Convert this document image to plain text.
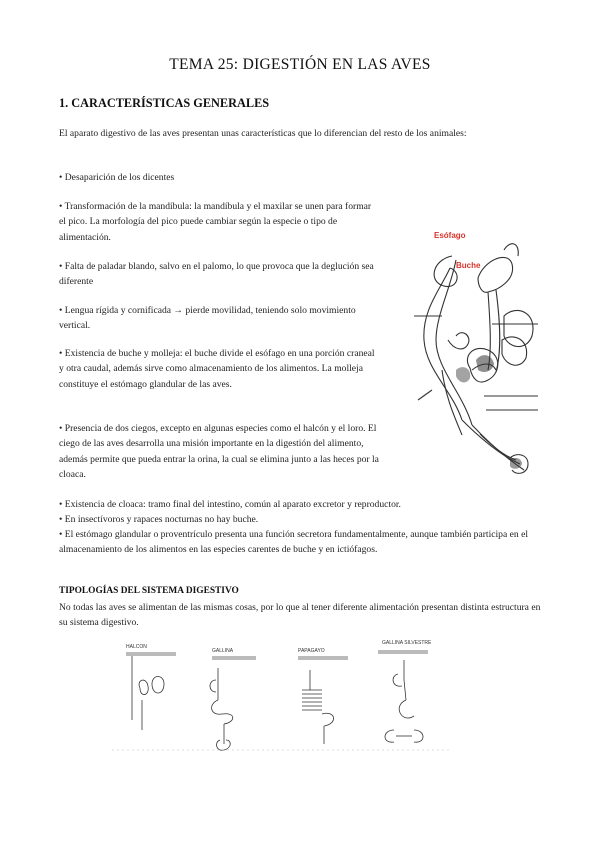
TEMA 25: DIGESTIÓN EN LAS AVES
1. CARACTERÍSTICAS GENERALES

El aparato digestivo de las aves presentan unas características que lo diferencian del resto de los animales:

• Desaparición de los dicentes

• Transformación de la mandíbula: la mandíbula y el maxilar se unen para formar el pico. La morfología del pico puede cambiar según la especie o tipo de alimentación.

• Falta de paladar blando, salvo en el palomo, lo que provoca que la deglución sea diferente

• Lengua rígida y cornificada → pierde movilidad, teniendo solo movimiento vertical.

• Existencia de buche y molleja: el buche divide el esófago en una porción craneal y otra caudal, además sirve como almacenamiento de los alimentos. La molleja constituye el estómago glandular de las aves.

• Presencia de dos ciegos, excepto en algunas especies como el halcón y el loro. El ciego de las aves desarrolla una misión importante en la digestión del alimento, además permite que pueda entrar la orina, la cual se elimina junto a las heces por la cloaca.

• Existencia de cloaca: tramo final del intestino, común al aparato excretor y reproductor.

• En insectívoros y rapaces nocturnas no hay buche.

• El estómago glandular o proventrículo presenta una función secretora fundamentalmente, aunque también participa en el almacenamiento de los alimentos en las especies carentes de buche y en ictiófagos.

TIPOLOGÍAS DEL SISTEMA DIGESTIVO

No todas las aves se alimentan de las mismas cosas, por lo que al tener diferente alimentación presentan distinta estructura en su sistema digestivo.

Esófago
Buche
HALCON
GALLINA	PAPAGAYO
GALLINA SILVESTRE
